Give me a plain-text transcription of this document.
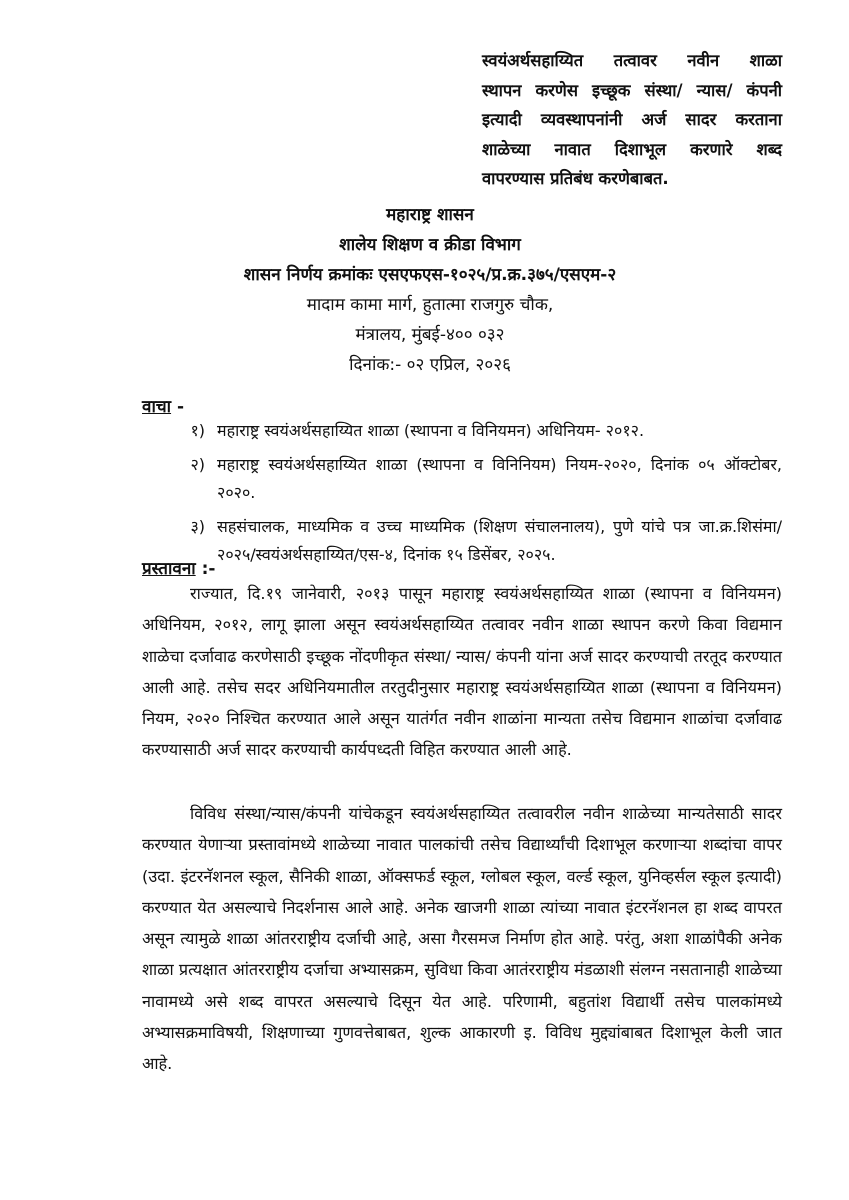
स्वयंअर्थसहाय्यित तत्वावर नवीन शाळा
स्थापन करणेस इच्छूक संस्था/ न्यास/ कंपनी
इत्यादी व्यवस्थापनांनी अर्ज सादर करताना
शाळेच्या नावात दिशाभूल करणारे शब्द
वापरण्यास प्रतिबंध करणेबाबत.
महाराष्ट्र शासन
शालेय शिक्षण व क्रीडा विभाग
शासन निर्णय क्रमांकः एसएफएस-१०२५/प्र.क्र.३७५/एसएम-२
मादाम कामा मार्ग, हुतात्मा राजगुरु चौक,
मंत्रालय, मुंबई-४०० ०३२
दिनांक:- ०२ एप्रिल, २०२६
वाचा -
१) महाराष्ट्र स्वयंअर्थसहाय्यित शाळा (स्थापना व विनियमन) अधिनियम- २०१२.
२) महाराष्ट्र स्वयंअर्थसहाय्यित शाळा (स्थापना व विनिनियम) नियम-२०२०, दिनांक ०५ ऑक्टोबर, २०२०.
३) सहसंचालक, माध्यमिक व उच्च माध्यमिक (शिक्षण संचालनालय), पुणे यांचे पत्र जा.क्र.शिसंमा/२०२५/स्वयंअर्थसहाय्यित/एस-४, दिनांक १५ डिसेंबर, २०२५.
प्रस्तावना :-
राज्यात, दि.१९ जानेवारी, २०१३ पासून महाराष्ट्र स्वयंअर्थसहाय्यित शाळा (स्थापना व विनियमन) अधिनियम, २०१२, लागू झाला असून स्वयंअर्थसहाय्यित तत्वावर नवीन शाळा स्थापन करणे किवा विद्यमान शाळेचा दर्जावाढ करणेसाठी इच्छूक नोंदणीकृत संस्था/ न्यास/ कंपनी यांना अर्ज सादर करण्याची तरतूद करण्यात आली आहे. तसेच सदर अधिनियमातील तरतुदीनुसार महाराष्ट्र स्वयंअर्थसहाय्यित शाळा (स्थापना व विनियमन) नियम, २०२० निश्चित करण्यात आले असून यातंर्गत नवीन शाळांना मान्यता तसेच विद्यमान शाळांचा दर्जावाढ करण्यासाठी अर्ज सादर करण्याची कार्यपध्दती विहित करण्यात आली आहे.
विविध संस्था/न्यास/कंपनी यांचेकडून स्वयंअर्थसहाय्यित तत्वावरील नवीन शाळेच्या मान्यतेसाठी सादर करण्यात येणाऱ्या प्रस्तावांमध्ये शाळेच्या नावात पालकांची तसेच विद्यार्थ्यांची दिशाभूल करणाऱ्या शब्दांचा वापर (उदा. इंटरनॅशनल स्कूल, सैनिकी शाळा, ऑक्सफर्ड स्कूल, ग्लोबल स्कूल, वर्ल्ड स्कूल, युनिव्हर्सल स्कूल इत्यादी) करण्यात येत असल्याचे निदर्शनास आले आहे. अनेक खाजगी शाळा त्यांच्या नावात इंटरनॅशनल हा शब्द वापरत असून त्यामुळे शाळा आंतरराष्ट्रीय दर्जाची आहे, असा गैरसमज निर्माण होत आहे. परंतु, अशा शाळांपैकी अनेक शाळा प्रत्यक्षात आंतरराष्ट्रीय दर्जाचा अभ्यासक्रम, सुविधा किवा आतंरराष्ट्रीय मंडळाशी संलग्न नसतानाही शाळेच्या नावामध्ये असे शब्द वापरत असल्याचे दिसून येत आहे. परिणामी, बहुतांश विद्यार्थी तसेच पालकांमध्ये अभ्यासक्रमाविषयी, शिक्षणाच्या गुणवत्तेबाबत, शुल्क आकारणी इ. विविध मुद्द्यांबाबत दिशाभूल केली जात आहे.
